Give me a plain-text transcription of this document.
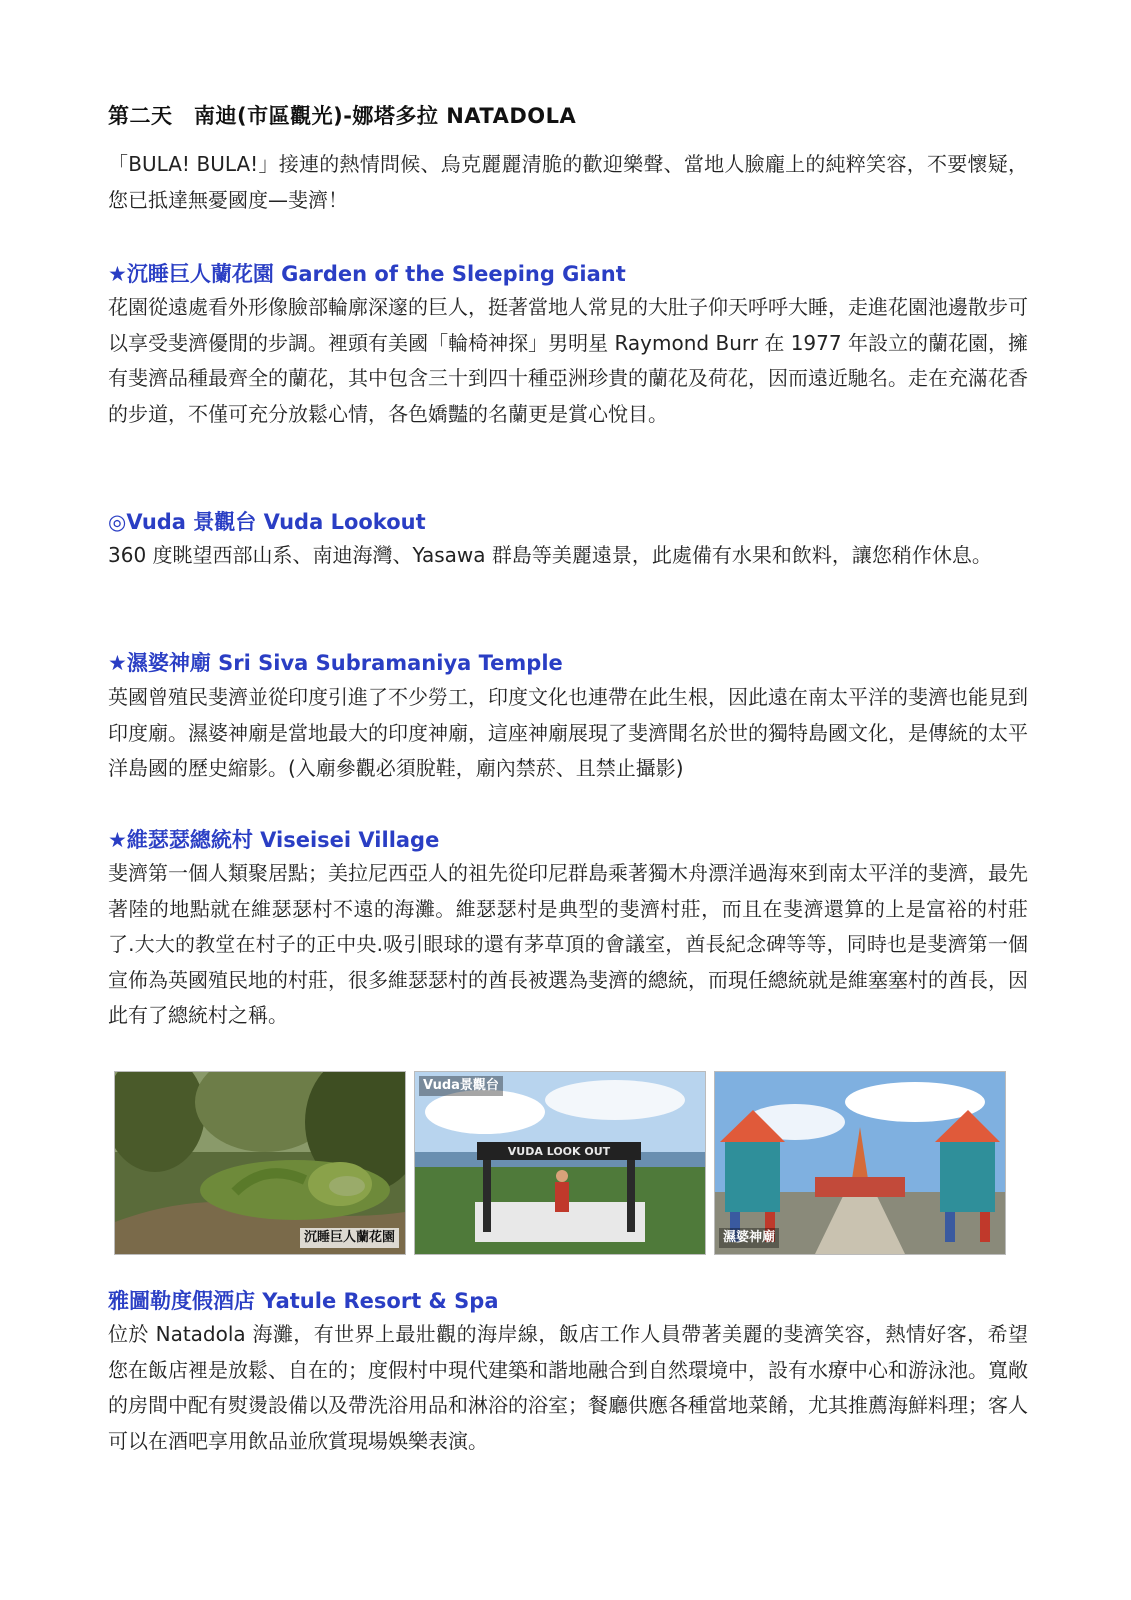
第二天　南迪(市區觀光)-娜塔多拉 NATADOLA
「BULA! BULA!」接連的熱情問候、烏克麗麗清脆的歡迎樂聲、當地人臉龐上的純粹笑容，不要懷疑，您已抵達無憂國度—斐濟！
★沉睡巨人蘭花園 Garden of the Sleeping Giant
花園從遠處看外形像臉部輪廓深邃的巨人，挺著當地人常見的大肚子仰天呼呼大睡，走進花園池邊散步可以享受斐濟優閒的步調。裡頭有美國「輪椅神探」男明星 Raymond Burr 在 1977 年設立的蘭花園，擁有斐濟品種最齊全的蘭花，其中包含三十到四十種亞洲珍貴的蘭花及荷花，因而遠近馳名。走在充滿花香的步道，不僅可充分放鬆心情，各色嬌豔的名蘭更是賞心悅目。
◎Vuda 景觀台 Vuda Lookout
360 度眺望西部山系、南迪海灣、Yasawa 群島等美麗遠景，此處備有水果和飲料，讓您稍作休息。
★濕婆神廟 Sri Siva Subramaniya Temple
英國曾殖民斐濟並從印度引進了不少勞工，印度文化也連帶在此生根，因此遠在南太平洋的斐濟也能見到印度廟。濕婆神廟是當地最大的印度神廟，這座神廟展現了斐濟聞名於世的獨特島國文化，是傳統的太平洋島國的歷史縮影。(入廟參觀必須脫鞋，廟內禁菸、且禁止攝影)
★維瑟瑟總統村 Viseisei Village
斐濟第一個人類聚居點；美拉尼西亞人的祖先從印尼群島乘著獨木舟漂洋過海來到南太平洋的斐濟，最先著陸的地點就在維瑟瑟村不遠的海灘。維瑟瑟村是典型的斐濟村莊，而且在斐濟還算的上是富裕的村莊了.大大的教堂在村子的正中央.吸引眼球的還有茅草頂的會議室，酋長紀念碑等等，同時也是斐濟第一個宣佈為英國殖民地的村莊，很多維瑟瑟村的酋長被選為斐濟的總統，而現任總統就是維塞塞村的酋長，因此有了總統村之稱。
沉睡巨人蘭花園
VUDA LOOK OUT
Vuda景觀台
濕婆神廟
雅圖勒度假酒店 Yatule Resort & Spa
位於 Natadola 海灘，有世界上最壯觀的海岸線，飯店工作人員帶著美麗的斐濟笑容，熱情好客，希望您在飯店裡是放鬆、自在的；度假村中現代建築和諧地融合到自然環境中，設有水療中心和游泳池。寬敞的房間中配有熨燙設備以及帶洗浴用品和淋浴的浴室；餐廳供應各種當地菜餚，尤其推薦海鮮料理；客人可以在酒吧享用飲品並欣賞現場娛樂表演。
